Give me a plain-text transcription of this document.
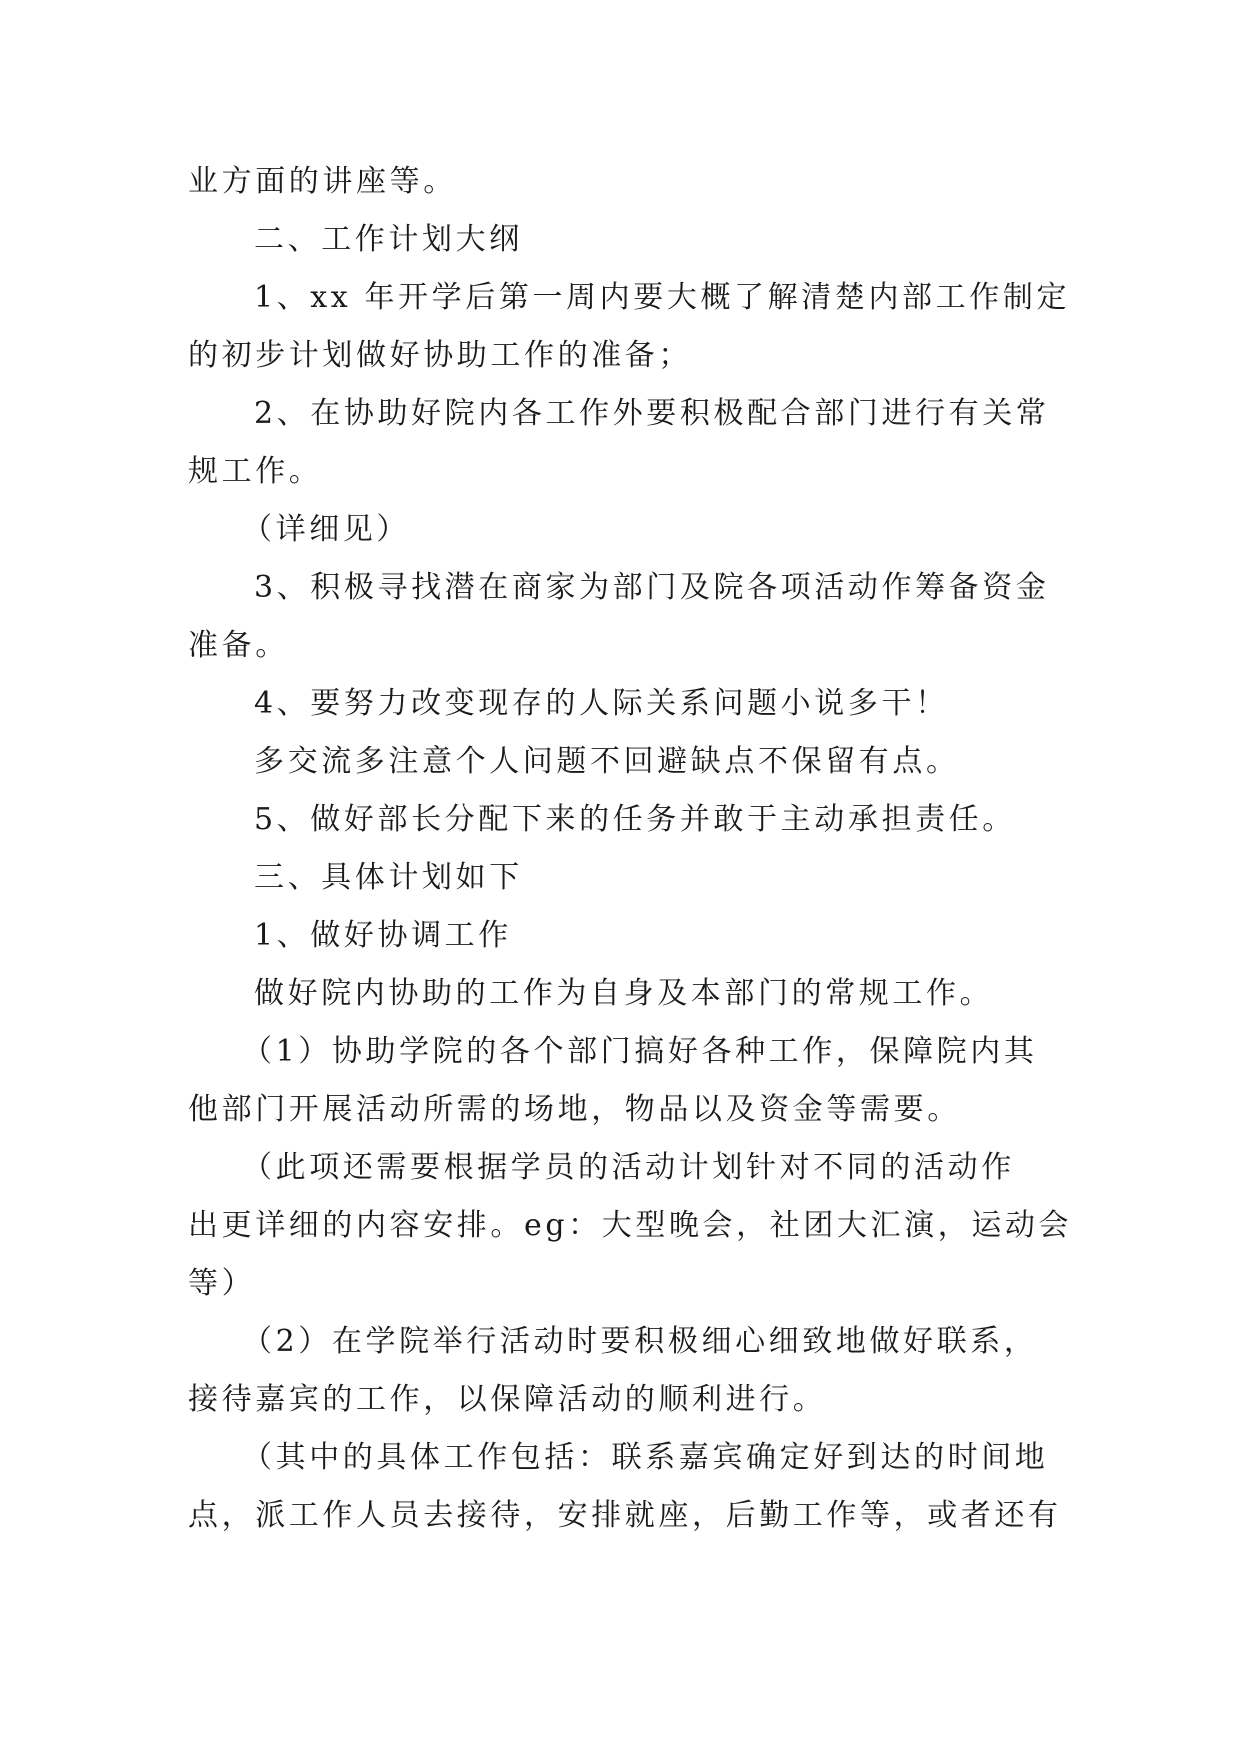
业方面的讲座等。
二、工作计划大纲
1、xx 年开学后第一周内要大概了解清楚内部工作制定
的初步计划做好协助工作的准备；
2、在协助好院内各工作外要积极配合部门进行有关常
规工作。
（详细见）
3、积极寻找潜在商家为部门及院各项活动作筹备资金
准备。
4、要努力改变现存的人际关系问题小说多干！
多交流多注意个人问题不回避缺点不保留有点。
5、做好部长分配下来的任务并敢于主动承担责任。
三、具体计划如下
1、做好协调工作
做好院内协助的工作为自身及本部门的常规工作。
（1）协助学院的各个部门搞好各种工作，保障院内其
他部门开展活动所需的场地，物品以及资金等需要。
（此项还需要根据学员的活动计划针对不同的活动作
出更详细的内容安排。eg：大型晚会，社团大汇演，运动会
等）
（2）在学院举行活动时要积极细心细致地做好联系，
接待嘉宾的工作，以保障活动的顺利进行。
（其中的具体工作包括：联系嘉宾确定好到达的时间地
点，派工作人员去接待，安排就座，后勤工作等，或者还有
